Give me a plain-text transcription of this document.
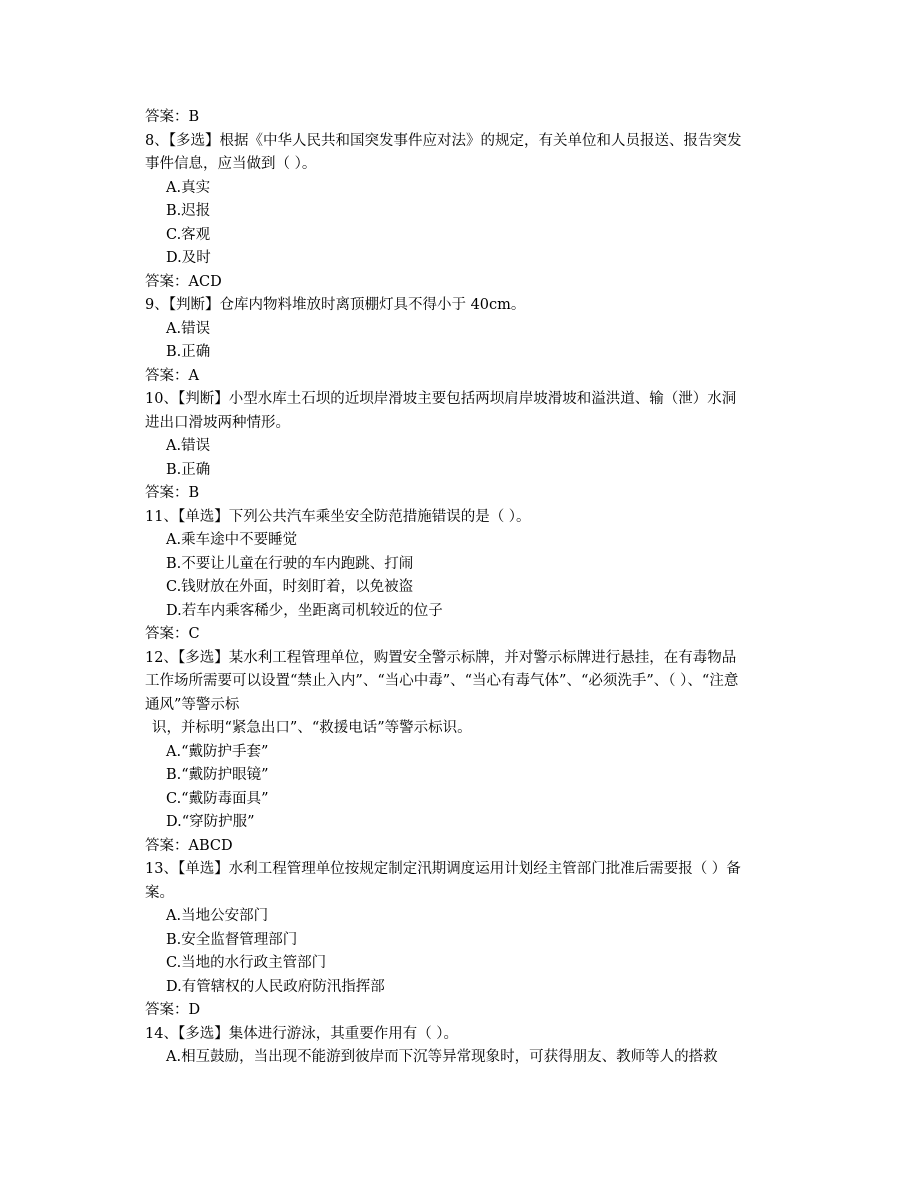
答案：B
8、【多选】根据《中华人民共和国突发事件应对法》的规定，有关单位和人员报送、报告突发
事件信息，应当做到（ ）。
A.真实
B.迟报
C.客观
D.及时
答案：ACD
9、【判断】仓库内物料堆放时离顶棚灯具不得小于 40cm。
A.错误
B.正确
答案：A
10、【判断】小型水库土石坝的近坝岸滑坡主要包括两坝肩岸坡滑坡和溢洪道、输（泄）水洞
进出口滑坡两种情形。
A.错误
B.正确
答案：B
11、【单选】下列公共汽车乘坐安全防范措施错误的是（ ）。
A.乘车途中不要睡觉
B.不要让儿童在行驶的车内跑跳、打闹
C.钱财放在外面，时刻盯着，以免被盗
D.若车内乘客稀少，坐距离司机较近的位子
答案：C
12、【多选】某水利工程管理单位，购置安全警示标牌，并对警示标牌进行悬挂，在有毒物品
工作场所需要可以设置“禁止入内”、“当心中毒”、“当心有毒气体”、“必须洗手”、（ ）、“注意
通风”等警示标
识，并标明“紧急出口”、“救援电话”等警示标识。
A.“戴防护手套”
B.“戴防护眼镜”
C.“戴防毒面具”
D.“穿防护服”
答案：ABCD
13、【单选】水利工程管理单位按规定制定汛期调度运用计划经主管部门批准后需要报（ ）备
案。
A.当地公安部门
B.安全监督管理部门
C.当地的水行政主管部门
D.有管辖权的人民政府防汛指挥部
答案：D
14、【多选】集体进行游泳，其重要作用有（ ）。
A.相互鼓励，当出现不能游到彼岸而下沉等异常现象时，可获得朋友、教师等人的搭救
